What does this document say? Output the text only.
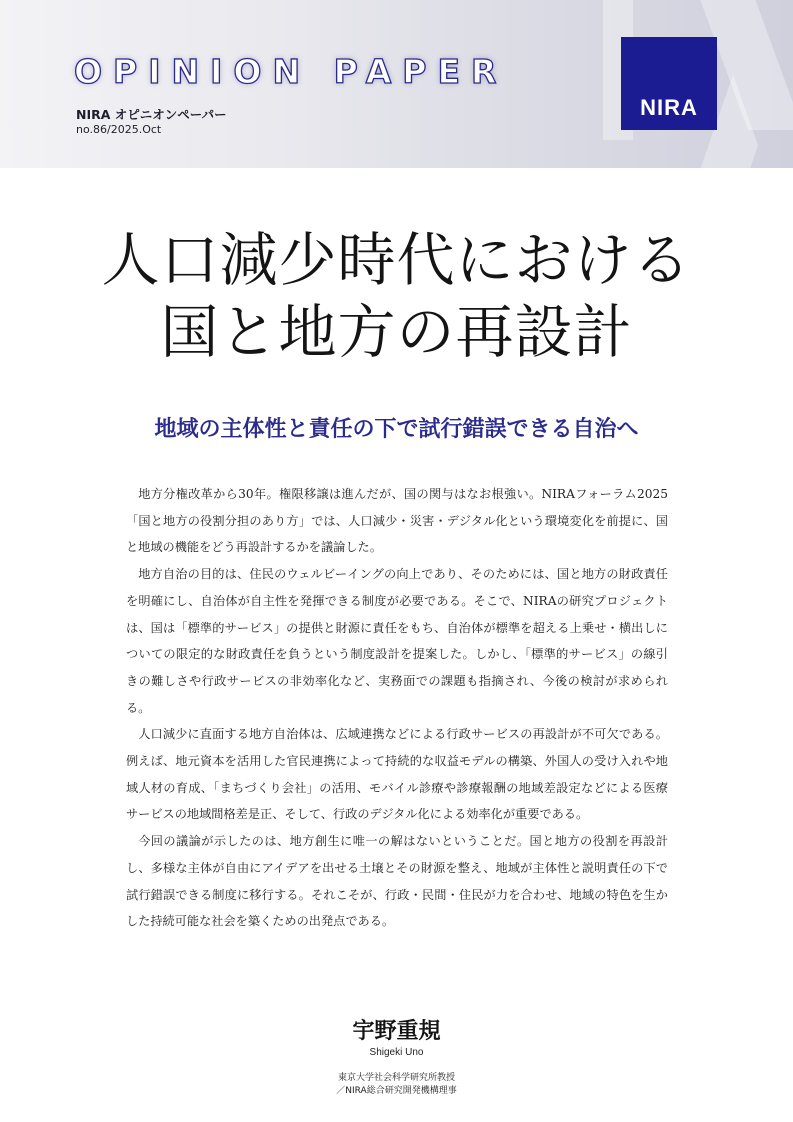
OPINION PAPER
NIRA オピニオンペーパー
no.86/2025.Oct
NIRA
人口減少時代における
国と地方の再設計
地域の主体性と責任の下で試行錯誤できる自治へ

地方分権改革から30年。権限移譲は進んだが、国の関与はなお根強い。NIRAフォーラム2025「国と地方の役割分担のあり方」では、人口減少・災害・デジタル化という環境変化を前提に、国と地域の機能をどう再設計するかを議論した。

地方自治の目的は、住民のウェルビーイングの向上であり、そのためには、国と地方の財政責任を明確にし、自治体が自主性を発揮できる制度が必要である。そこで、NIRAの研究プロジェクトは、国は「標準的サービス」の提供と財源に責任をもち、自治体が標準を超える上乗せ・横出しについての限定的な財政責任を負うという制度設計を提案した。しかし、「標準的サービス」の線引きの難しさや行政サービスの非効率化など、実務面での課題も指摘され、今後の検討が求められる。

人口減少に直面する地方自治体は、広域連携などによる行政サービスの再設計が不可欠である。例えば、地元資本を活用した官民連携によって持続的な収益モデルの構築、外国人の受け入れや地域人材の育成、「まちづくり会社」の活用、モバイル診療や診療報酬の地域差設定などによる医療サービスの地域間格差是正、そして、行政のデジタル化による効率化が重要である。

今回の議論が示したのは、地方創生に唯一の解はないということだ。国と地方の役割を再設計し、多様な主体が自由にアイデアを出せる土壌とその財源を整え、地域が主体性と説明責任の下で試行錯誤できる制度に移行する。それこそが、行政・民間・住民が力を合わせ、地域の特色を生かした持続可能な社会を築くための出発点である。

宇野重規
Shigeki Uno
東京大学社会科学研究所教授
／NIRA総合研究開発機構理事
